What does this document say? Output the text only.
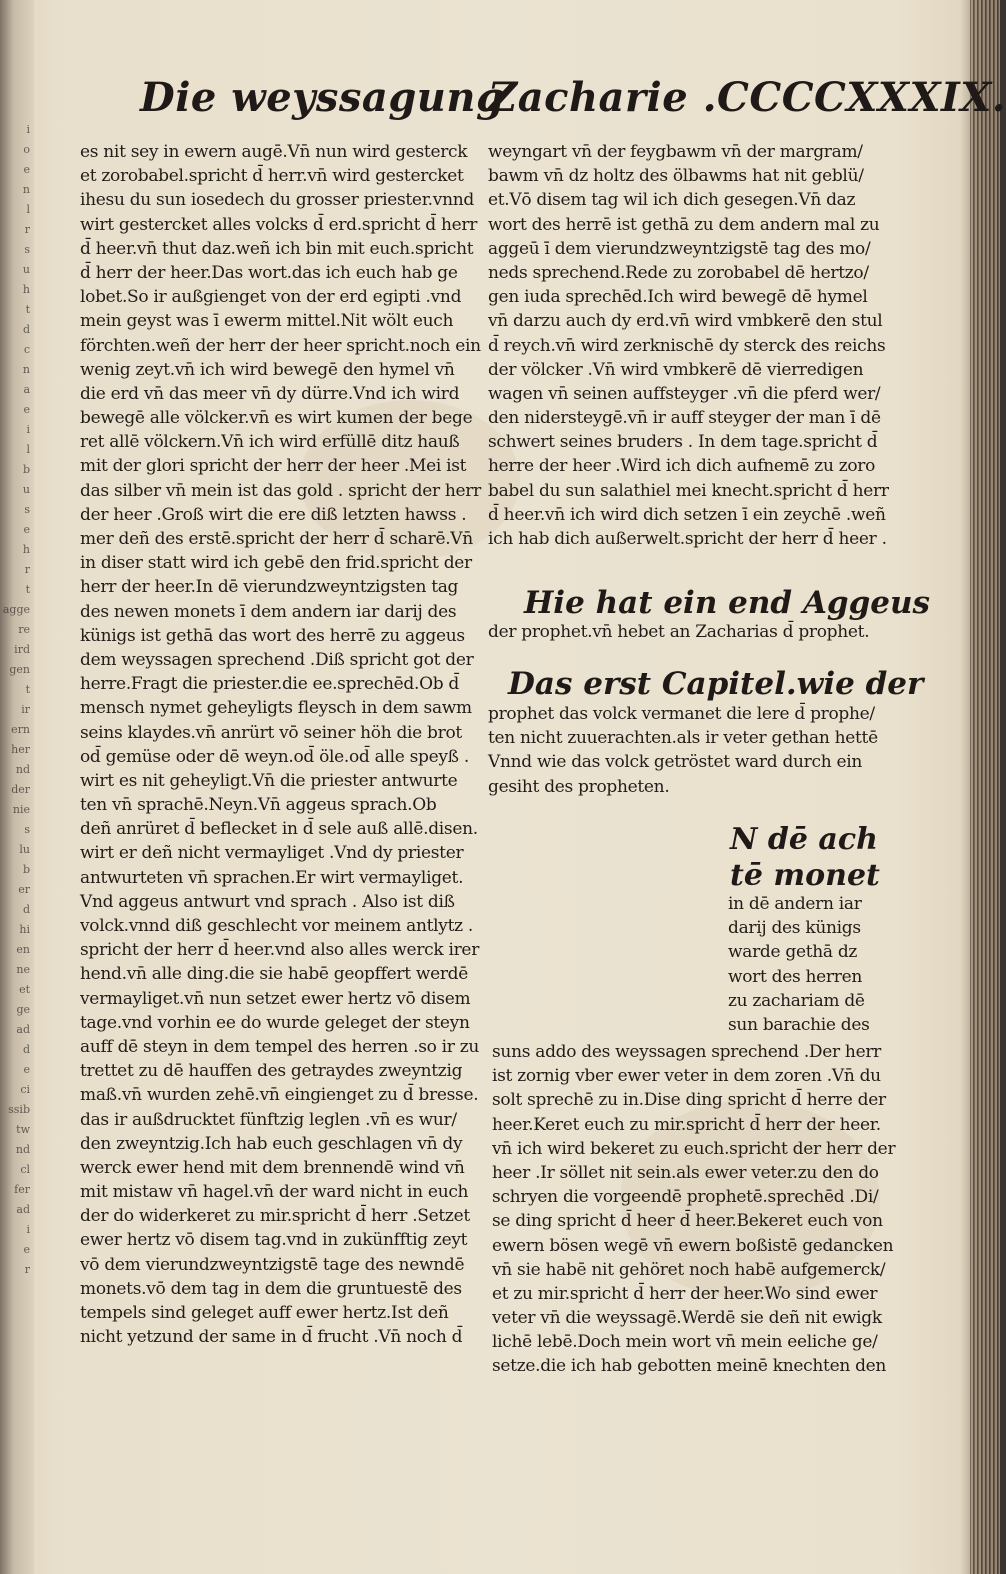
i
o
e
n
l
r
s
u
h
t
d
c
n
a
e
i
l
b
u
s
e
h
r
t
agge
re
ird
gen
t
ir
ern
her
nd
der
nie
s
lu
b
er
d
hi
en
ne
et
ge
ad
d
e
ci
ssib
tw
nd
cl
fer
ad
i
e
r
Die weyssagung
Zacharie .CCCCXXXIX.
es nit sey in ewern augē.Vn̄ nun wird gesterck
et zorobabel.spricht d̄ herr.vn̄ wird gestercket
ihesu du sun iosedech du grosser priester.vnnd
wirt gestercket alles volcks d̄ erd.spricht d̄ herr
d̄ heer.vn̄ thut daz.weñ ich bin mit euch.spricht
d̄ herr der heer.Das wort.das ich euch hab ge
lobet.So ir außgienget von der erd egipti .vnd
mein geyst was ī ewerm mittel.Nit wölt euch
förchten.weñ der herr der heer spricht.noch ein
wenig zeyt.vn̄ ich wird bewegē den hymel vn̄
die erd vn̄ das meer vn̄ dy dürre.Vnd ich wird
bewegē alle völcker.vn̄ es wirt kumen der bege
ret allē völckern.Vn̄ ich wird erfüllē ditz hauß
mit der glori spricht der herr der heer .Mei ist
das silber vn̄ mein ist das gold . spricht der herr
der heer .Groß wirt die ere diß letzten hawss .
mer deñ des erstē.spricht der herr d̄ scharē.Vn̄
in diser statt wird ich gebē den frid.spricht der
herr der heer.In dē vierundzweyntzigsten tag
des newen monets ī dem andern iar darij des
künigs ist gethā das wort des herrē zu aggeus
dem weyssagen sprechend .Diß spricht got der
herre.Fragt die priester.die ee.sprechēd.Ob d̄
mensch nymet geheyligts fleysch in dem sawm
seins klaydes.vn̄ anrürt vō seiner höh die brot
od̄ gemüse oder dē weyn.od̄ öle.od̄ alle speyß .
wirt es nit geheyligt.Vn̄ die priester antwurte
ten vn̄ sprachē.Neyn.Vn̄ aggeus sprach.Ob
deñ anrüret d̄ beflecket in d̄ sele auß allē.disen.
wirt er deñ nicht vermayliget .Vnd dy priester
antwurteten vn̄ sprachen.Er wirt vermayliget.
Vnd aggeus antwurt vnd sprach . Also ist diß
volck.vnnd diß geschlecht vor meinem antlytz .
spricht der herr d̄ heer.vnd also alles werck irer
hend.vn̄ alle ding.die sie habē geopffert werdē
vermayliget.vn̄ nun setzet ewer hertz vō disem
tage.vnd vorhin ee do wurde geleget der steyn
auff dē steyn in dem tempel des herren .so ir zu
trettet zu dē hauffen des getraydes zweyntzig
maß.vn̄ wurden zehē.vn̄ eingienget zu d̄ bresse.
das ir außdrucktet fünftzig leglen .vn̄ es wur/
den zweyntzig.Ich hab euch geschlagen vn̄ dy
werck ewer hend mit dem brennendē wind vn̄
mit mistaw vn̄ hagel.vn̄ der ward nicht in euch
der do widerkeret zu mir.spricht d̄ herr .Setzet
ewer hertz vō disem tag.vnd in zukünfftig zeyt
vō dem vierundzweyntzigstē tage des newndē
monets.vō dem tag in dem die gruntuestē des
tempels sind geleget auff ewer hertz.Ist deñ
nicht yetzund der same in d̄ frucht .Vn̄ noch d̄
weyngart vn̄ der feygbawm vn̄ der margram/
bawm vn̄ dz holtz des ölbawms hat nit geblü/
et.Vō disem tag wil ich dich gesegen.Vn̄ daz
wort des herrē ist gethā zu dem andern mal zu
aggeū ī dem vierundzweyntzigstē tag des mo/
neds sprechend.Rede zu zorobabel dē hertzo/
gen iuda sprechēd.Ich wird bewegē dē hymel
vn̄ darzu auch dy erd.vn̄ wird vmbkerē den stul
d̄ reych.vn̄ wird zerknischē dy sterck des reichs
der völcker .Vn̄ wird vmbkerē dē vierredigen
wagen vn̄ seinen auffsteyger .vn̄ die pferd wer/
den nidersteygē.vn̄ ir auff steyger der man ī dē
schwert seines bruders . In dem tage.spricht d̄
herre der heer .Wird ich dich aufnemē zu zoro
babel du sun salathiel mei knecht.spricht d̄ herr
d̄ heer.vn̄ ich wird dich setzen ī ein zeychē .weñ
ich hab dich außerwelt.spricht der herr d̄ heer .
Hie hat ein end Aggeus
der prophet.vn̄ hebet an Zacharias d̄ prophet.
Das erst Capitel.wie der
prophet das volck vermanet die lere d̄ prophe/
ten nicht zuuerachten.als ir veter gethan hettē
Vnnd wie das volck getröstet ward durch ein
gesiht des propheten.
N dē ach
tē monet
in dē andern iar
darij des künigs
warde gethā dz
wort des herren
zu zachariam dē
sun barachie des
suns addo des weyssagen sprechend .Der herr
ist zornig vber ewer veter in dem zoren .Vn̄ du
solt sprechē zu in.Dise ding spricht d̄ herre der
heer.Keret euch zu mir.spricht d̄ herr der heer.
vn̄ ich wird bekeret zu euch.spricht der herr der
heer .Ir söllet nit sein.als ewer veter.zu den do
schryen die vorgeendē prophetē.sprechēd .Di/
se ding spricht d̄ heer d̄ heer.Bekeret euch von
ewern bösen wegē vn̄ ewern boßistē gedancken
vn̄ sie habē nit gehöret noch habē aufgemerck/
et zu mir.spricht d̄ herr der heer.Wo sind ewer
veter vn̄ die weyssagē.Werdē sie deñ nit ewigk
lichē lebē.Doch mein wort vn̄ mein eeliche ge/
setze.die ich hab gebotten meinē knechten den
